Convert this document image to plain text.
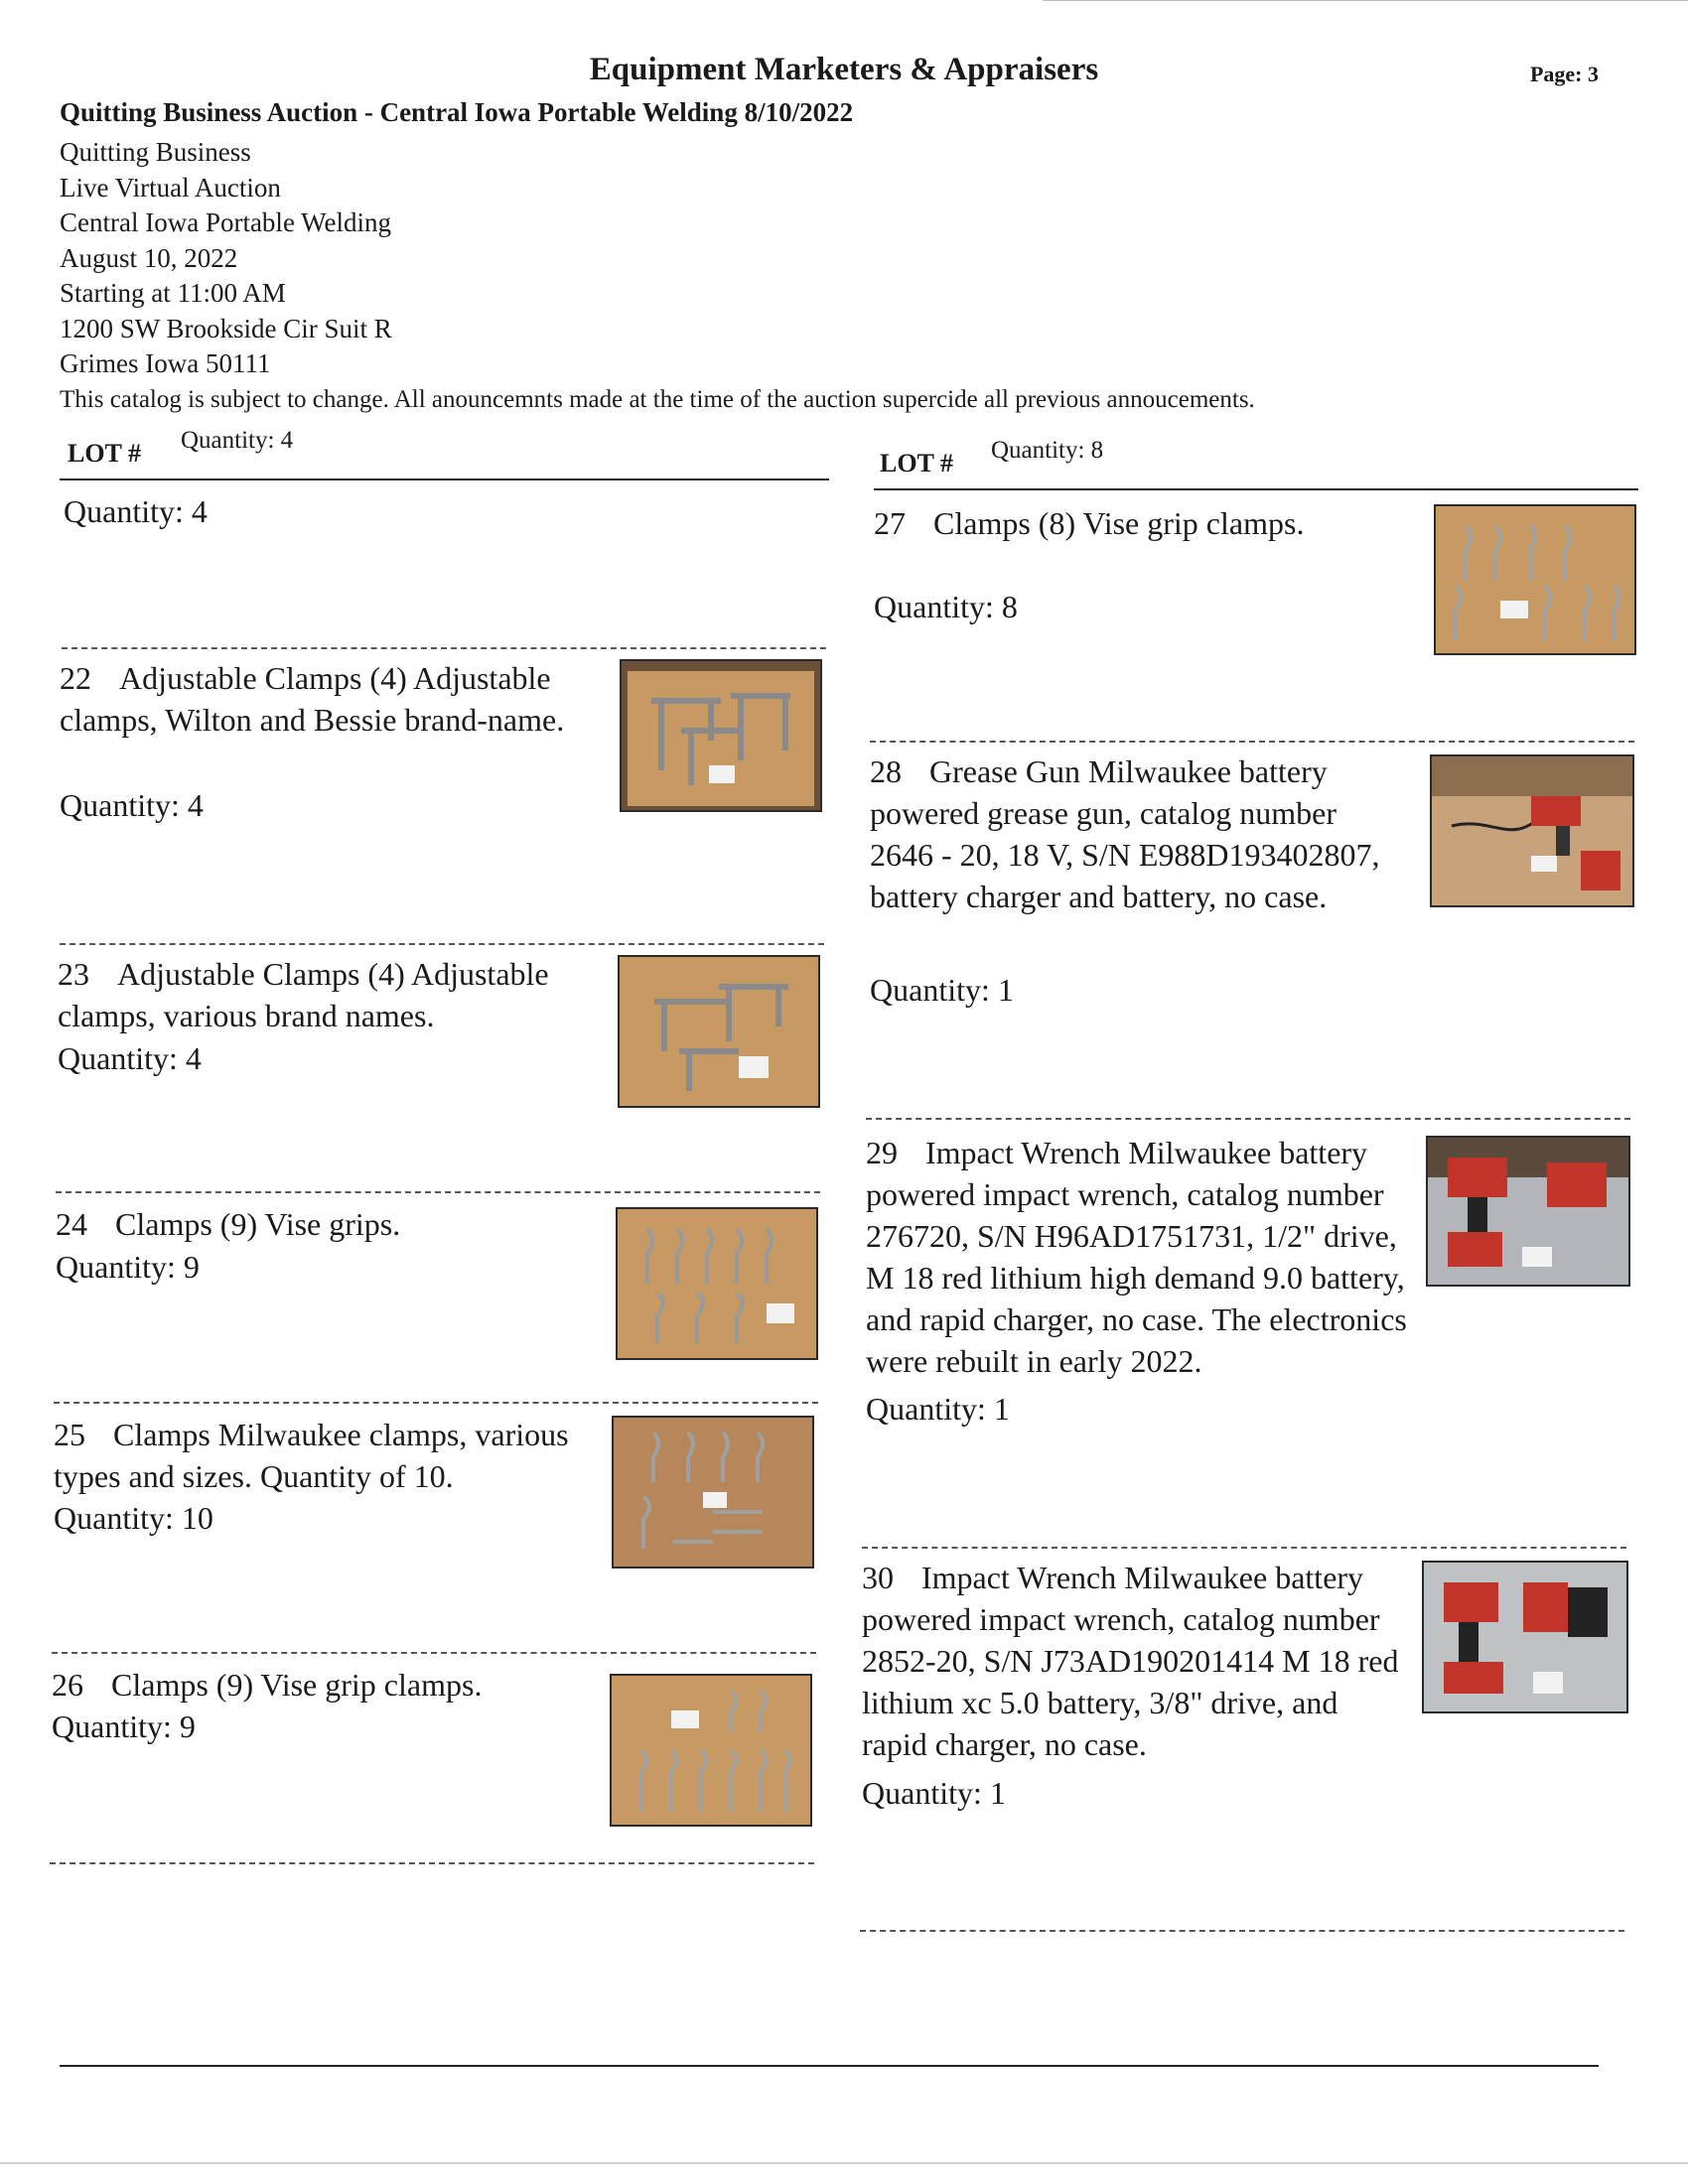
Equipment Marketers & Appraisers	Page: 3
Quitting Business Auction - Central Iowa Portable Welding 8/10/2022
Quitting Business
Live Virtual Auction
Central Iowa Portable Welding
August 10, 2022
Starting at 11:00 AM
1200 SW Brookside Cir Suit R
Grimes Iowa 50111
This catalog is subject to change. All anouncemnts made at the time of the auction supercide all previous annoucements.
LOT # Quantity: 4
LOT # Quantity: 8
Quantity: 4
22 Adjustable Clamps (4) Adjustable clamps, Wilton and Bessie brand-name.
Quantity: 4
23 Adjustable Clamps (4) Adjustable clamps, various brand names.
Quantity: 4
24 Clamps (9) Vise grips.
Quantity: 9
25 Clamps Milwaukee clamps, various types and sizes. Quantity of 10.
Quantity: 10
26 Clamps (9) Vise grip clamps.
Quantity: 9
27 Clamps (8) Vise grip clamps.
Quantity: 8
28 Grease Gun Milwaukee battery powered grease gun, catalog number 2646 - 20, 18 V, S/N E988D193402807, battery charger and battery, no case.
Quantity: 1
29 Impact Wrench Milwaukee battery powered impact wrench, catalog number 276720, S/N H96AD1751731, 1/2" drive, M 18 red lithium high demand 9.0 battery, and rapid charger, no case. The electronics were rebuilt in early 2022.
Quantity: 1
30 Impact Wrench Milwaukee battery powered impact wrench, catalog number 2852-20, S/N J73AD190201414 M 18 red lithium xc 5.0 battery, 3/8" drive, and rapid charger, no case.
Quantity: 1
